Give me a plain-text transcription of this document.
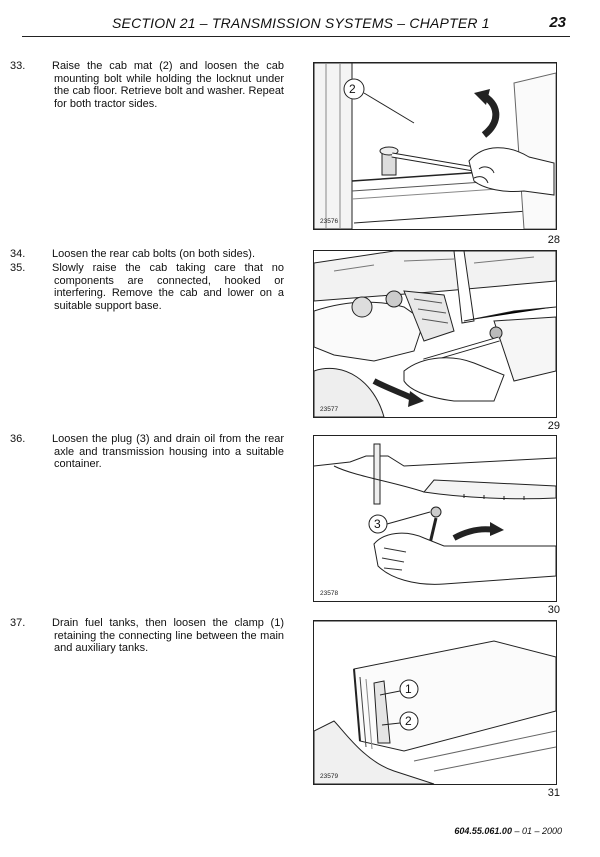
SECTION 21 – TRANSMISSION SYSTEMS – CHAPTER 1	23

33. Raise the cab mat (2) and loosen the cab mounting bolt while holding the locknut under the cab floor. Retrieve bolt and washer. Repeat for both tractor sides.

2
23576
28

34. Loosen the rear cab bolts (on both sides).

35. Slowly raise the cab taking care that no components are connected, hooked or interfering. Remove the cab and lower on a suitable support base.

23577
29

36. Loosen the plug (3) and drain oil from the rear axle and transmission housing into a suitable container.

3
23578
30

37. Drain fuel tanks, then loosen the clamp (1) retaining the connecting line between the main and auxiliary tanks.

1
2
23579
31
604.55.061.00 – 01 – 2000
